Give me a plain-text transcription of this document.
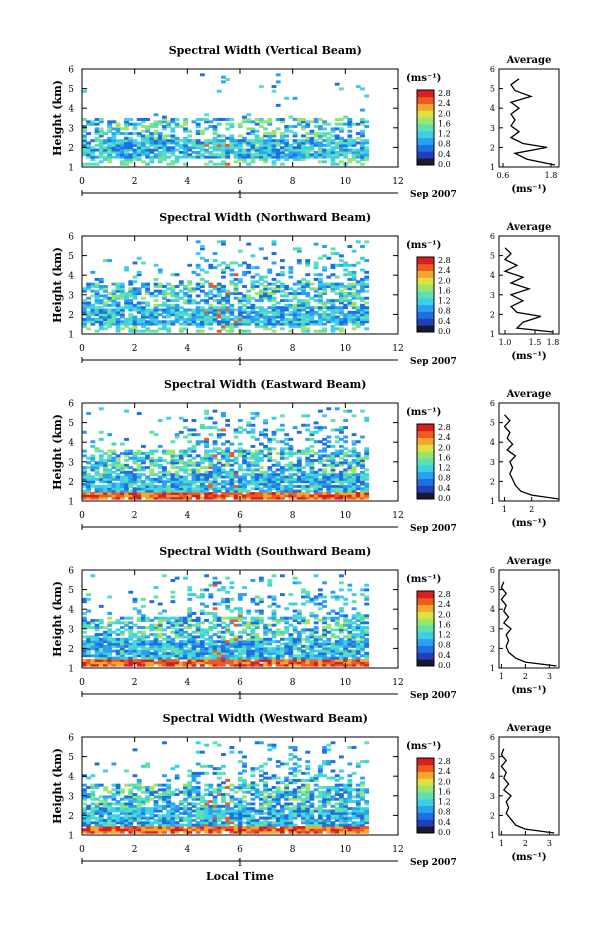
Spectral Width (Vertical Beam)
1
2
3
4
5
6
0	2	4	6	8	10	12
Height (km)
1	Sep 2007
(ms⁻¹)
0.0
0.4
0.8
1.2
1.6
2.0
2.4
2.8
Average
1
2
3
4
5
6
0.6	1.8
(ms⁻¹)
Spectral Width (Northward Beam)
1
2
3
4
5
6
0	2	4	6	8	10	12
Height (km)
1	Sep 2007
(ms⁻¹)
0.0
0.4
0.8
1.2
1.6
2.0
2.4
2.8
Average
1
2
3
4
5
6
1.0 1.5 1.8
(ms⁻¹)
Spectral Width (Eastward Beam)
1
2
3
4
5
6
0	2	4	6	8	10	12
Height (km)
1	Sep 2007
(ms⁻¹)
0.0
0.4
0.8
1.2
1.6
2.0
2.4
2.8
Average
1
2
3
4
5
6
1	2
(ms⁻¹)
Spectral Width (Southward Beam)
1
2
3
4
5
6
0	2	4	6	8	10	12
Height (km)
1	Sep 2007
(ms⁻¹)
0.0
0.4
0.8
1.2
1.6
2.0
2.4
2.8
Average
1
2
3
4
5
6
1 2 3
(ms⁻¹)
Spectral Width (Westward Beam)
1
2
3
4
5
6
0	2	4	6	8	10	12
Height (km)
1	Sep 2007
(ms⁻¹)
0.0
0.4
0.8
1.2
1.6
2.0
2.4
2.8
Average
1
2
3
4
5
6
1 2 3
(ms⁻¹)
Local Time
